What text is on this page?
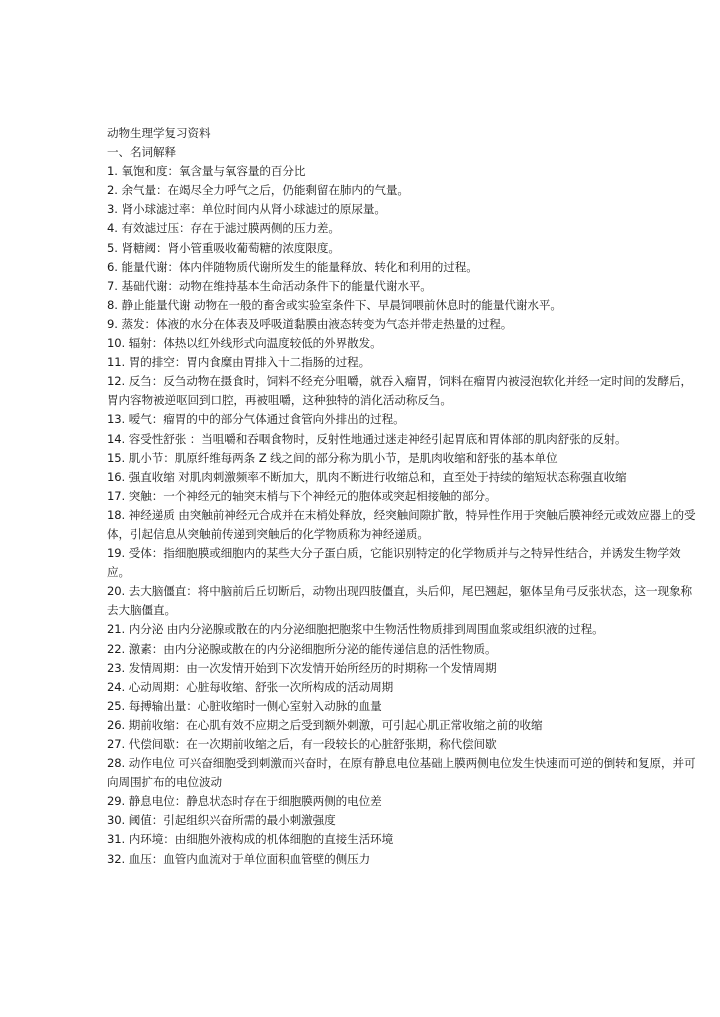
动物生理学复习资料

一、名词解释

1. 氧饱和度：氧含量与氧容量的百分比

2. 余气量：在竭尽全力呼气之后，仍能剩留在肺内的气量。

3. 肾小球滤过率：单位时间内从肾小球滤过的原尿量。

4. 有效滤过压：存在于滤过膜两侧的压力差。

5. 肾糖阈：肾小管重吸收葡萄糖的浓度限度。

6. 能量代谢：体内伴随物质代谢所发生的能量释放、转化和利用的过程。

7. 基础代谢：动物在维持基本生命活动条件下的能量代谢水平。

8. 静止能量代谢 动物在一般的畜舍或实验室条件下、早晨饲喂前休息时的能量代谢水平。

9. 蒸发：体液的水分在体表及呼吸道黏膜由液态转变为气态并带走热量的过程。

10. 辐射：体热以红外线形式向温度较低的外界散发。

11. 胃的排空：胃内食糜由胃排入十二指肠的过程。

12. 反刍：反刍动物在摄食时，饲料不经充分咀嚼，就吞入瘤胃，饲料在瘤胃内被浸泡软化并经一定时间的发酵后，胃内容物被逆呕回到口腔，再被咀嚼，这种独特的消化活动称反刍。

13. 嗳气：瘤胃的中的部分气体通过食管向外排出的过程。

14. 容受性舒张 ：当咀嚼和吞咽食物时，反射性地通过迷走神经引起胃底和胃体部的肌肉舒张的反射。

15. 肌小节：肌原纤维每两条 Z 线之间的部分称为肌小节，是肌肉收缩和舒张的基本单位

16. 强直收缩 对肌肉刺激频率不断加大，肌肉不断进行收缩总和，直至处于持续的缩短状态称强直收缩

17. 突触：一个神经元的轴突末梢与下个神经元的胞体或突起相接触的部分。

18. 神经递质 由突触前神经元合成并在末梢处释放，经突触间隙扩散，特异性作用于突触后膜神经元或效应器上的受体，引起信息从突触前传递到突触后的化学物质称为神经递质。

19. 受体：指细胞膜或细胞内的某些大分子蛋白质，它能识别特定的化学物质并与之特异性结合，并诱发生物学效应。

20. 去大脑僵直：将中脑前后丘切断后，动物出现四肢僵直，头后仰，尾巴翘起，躯体呈角弓反张状态，这一现象称去大脑僵直。

21. 内分泌 由内分泌腺或散在的内分泌细胞把胞浆中生物活性物质排到周围血浆或组织液的过程。

22. 激素：由内分泌腺或散在的内分泌细胞所分泌的能传递信息的活性物质。

23. 发情周期：由一次发情开始到下次发情开始所经历的时期称一个发情周期

24. 心动周期：心脏每收缩、舒张一次所构成的活动周期

25. 每搏输出量：心脏收缩时一侧心室射入动脉的血量

26. 期前收缩：在心肌有效不应期之后受到额外刺激，可引起心肌正常收缩之前的收缩

27. 代偿间歇：在一次期前收缩之后，有一段较长的心脏舒张期，称代偿间歇

28. 动作电位 可兴奋细胞受到刺激而兴奋时，在原有静息电位基础上膜两侧电位发生快速而可逆的倒转和复原，并可向周围扩布的电位波动

29. 静息电位：静息状态时存在于细胞膜两侧的电位差

30. 阈值：引起组织兴奋所需的最小刺激强度

31. 内环境：由细胞外液构成的机体细胞的直接生活环境

32. 血压：血管内血流对于单位面积血管壁的侧压力
